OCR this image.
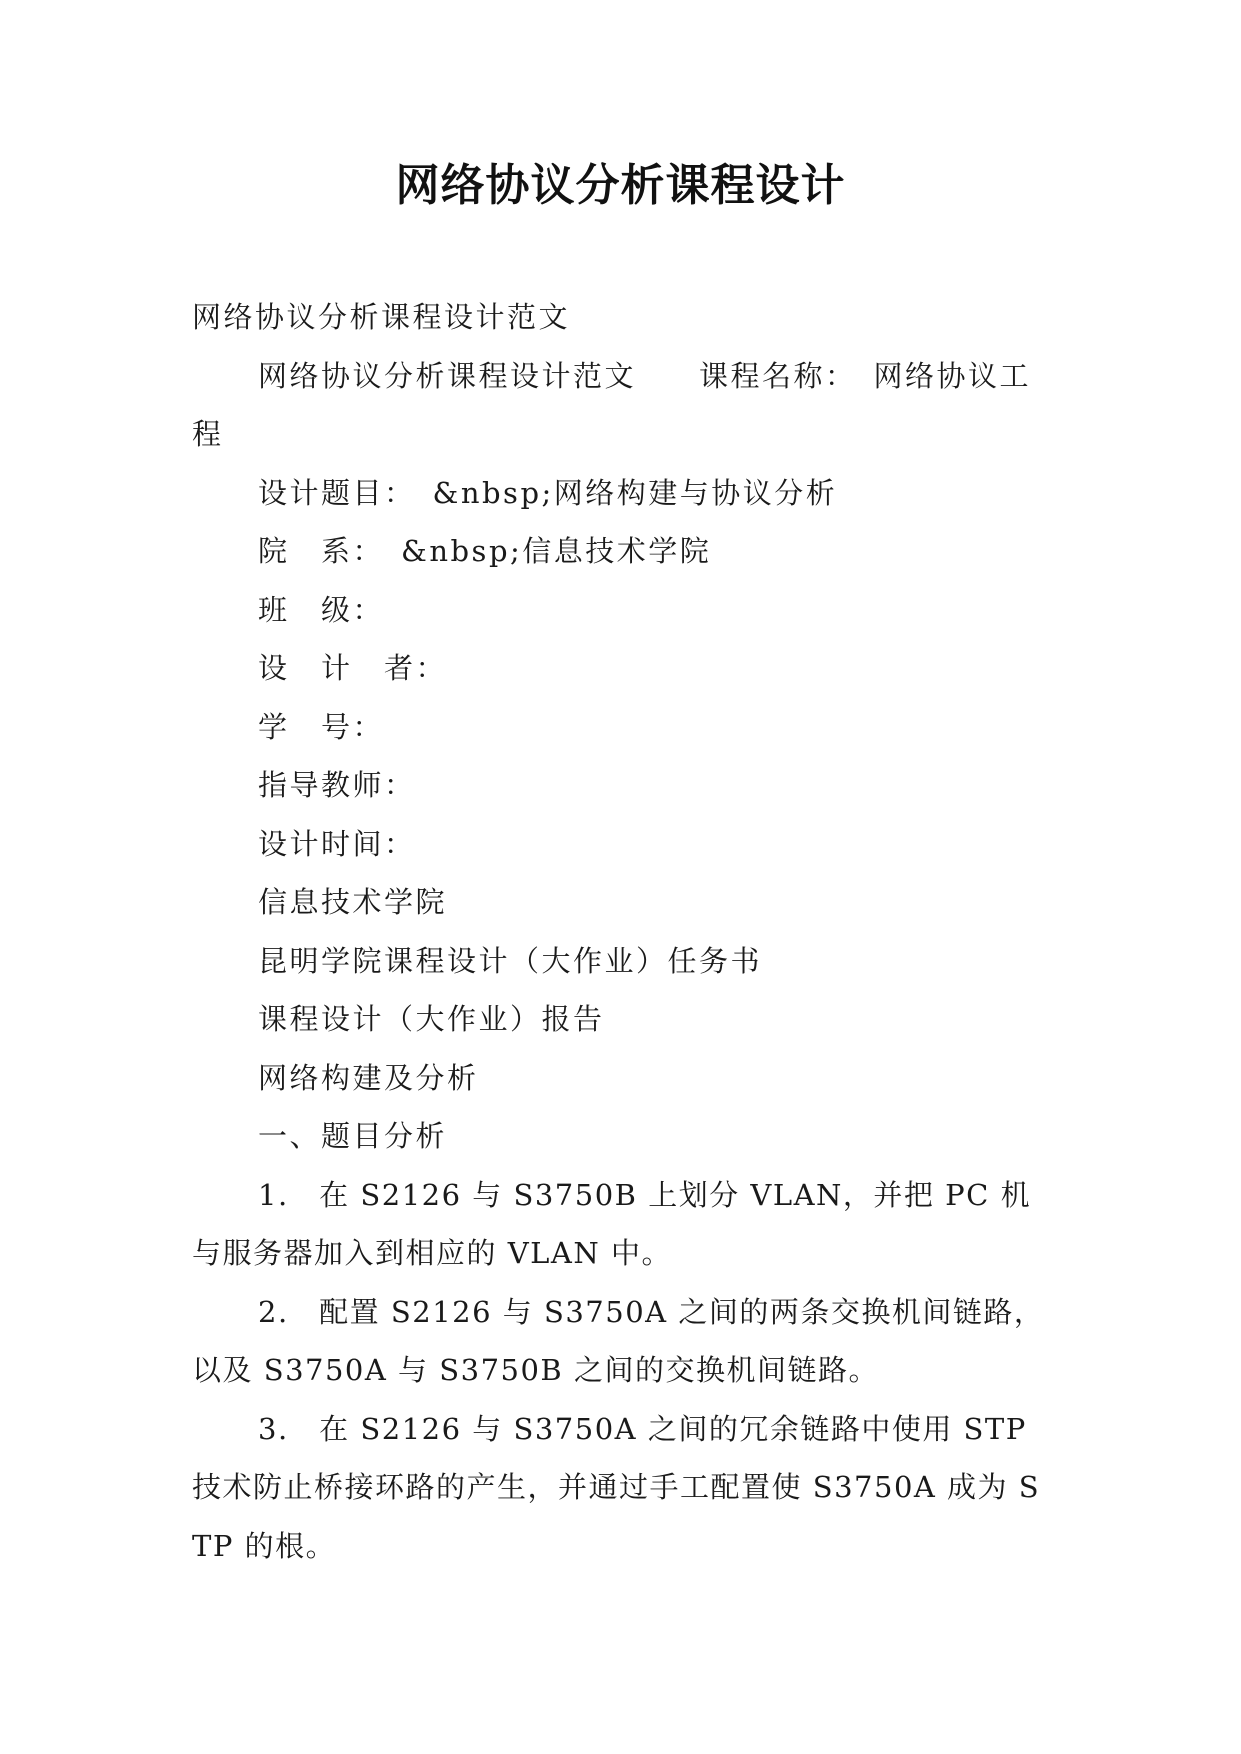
网络协议分析课程设计

网络协议分析课程设计范文

网络协议分析课程设计范文　　课程名称：　网络协议工程

设计题目：　&nbsp;网络构建与协议分析

院　系：　&nbsp;信息技术学院

班　级：

设　计　者：

学　号：

指导教师：

设计时间：

信息技术学院

昆明学院课程设计（大作业）任务书

课程设计（大作业）报告

网络构建及分析

一、题目分析

1.　在 S2126 与 S3750B 上划分 VLAN，并把 PC 机与服务器加入到相应的 VLAN 中。

2.　配置 S2126 与 S3750A 之间的两条交换机间链路，以及 S3750A 与 S3750B 之间的交换机间链路。

3.　在 S2126 与 S3750A 之间的冗余链路中使用 STP 技术防止桥接环路的产生，并通过手工配置使 S3750A 成为 STP 的根。
